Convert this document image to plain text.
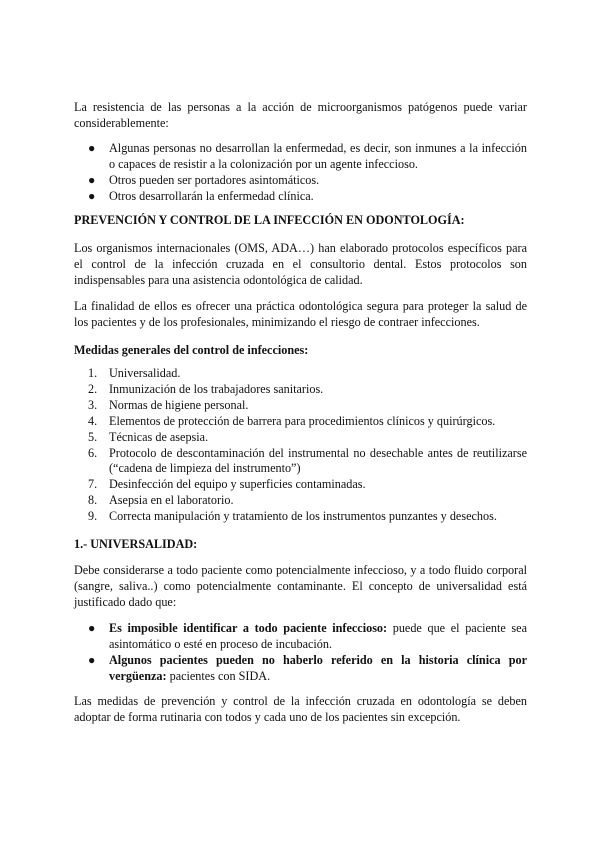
La resistencia de las personas a la acción de microorganismos patógenos puede variar considerablemente:

● Algunas personas no desarrollan la enfermedad, es decir, son inmunes a la infección o capaces de resistir a la colonización por un agente infeccioso.
● Otros pueden ser portadores asintomáticos.
● Otros desarrollarán la enfermedad clínica.
PREVENCIÓN Y CONTROL DE LA INFECCIÓN EN ODONTOLOGÍA:

Los organismos internacionales (OMS, ADA…) han elaborado protocolos específicos para el control de la infección cruzada en el consultorio dental. Estos protocolos son indispensables para una asistencia odontológica de calidad.

La finalidad de ellos es ofrecer una práctica odontológica segura para proteger la salud de los pacientes y de los profesionales, minimizando el riesgo de contraer infecciones.

Medidas generales del control de infecciones:
1. Universalidad.
2. Inmunización de los trabajadores sanitarios.
3. Normas de higiene personal.
4. Elementos de protección de barrera para procedimientos clínicos y quirúrgicos.
5. Técnicas de asepsia.
6. Protocolo de descontaminación del instrumental no desechable antes de reutilizarse (“cadena de limpieza del instrumento”)
7. Desinfección del equipo y superficies contaminadas.
8. Asepsia en el laboratorio.
9. Correcta manipulación y tratamiento de los instrumentos punzantes y desechos.
1.- UNIVERSALIDAD:

Debe considerarse a todo paciente como potencialmente infeccioso, y a todo fluido corporal (sangre, saliva..) como potencialmente contaminante. El concepto de universalidad está justificado dado que:

● Es imposible identificar a todo paciente infeccioso: puede que el paciente sea asintomático o esté en proceso de incubación.
● Algunos pacientes pueden no haberlo referido en la historia clínica por vergüenza: pacientes con SIDA.

Las medidas de prevención y control de la infección cruzada en odontología se deben adoptar de forma rutinaria con todos y cada uno de los pacientes sin excepción.
